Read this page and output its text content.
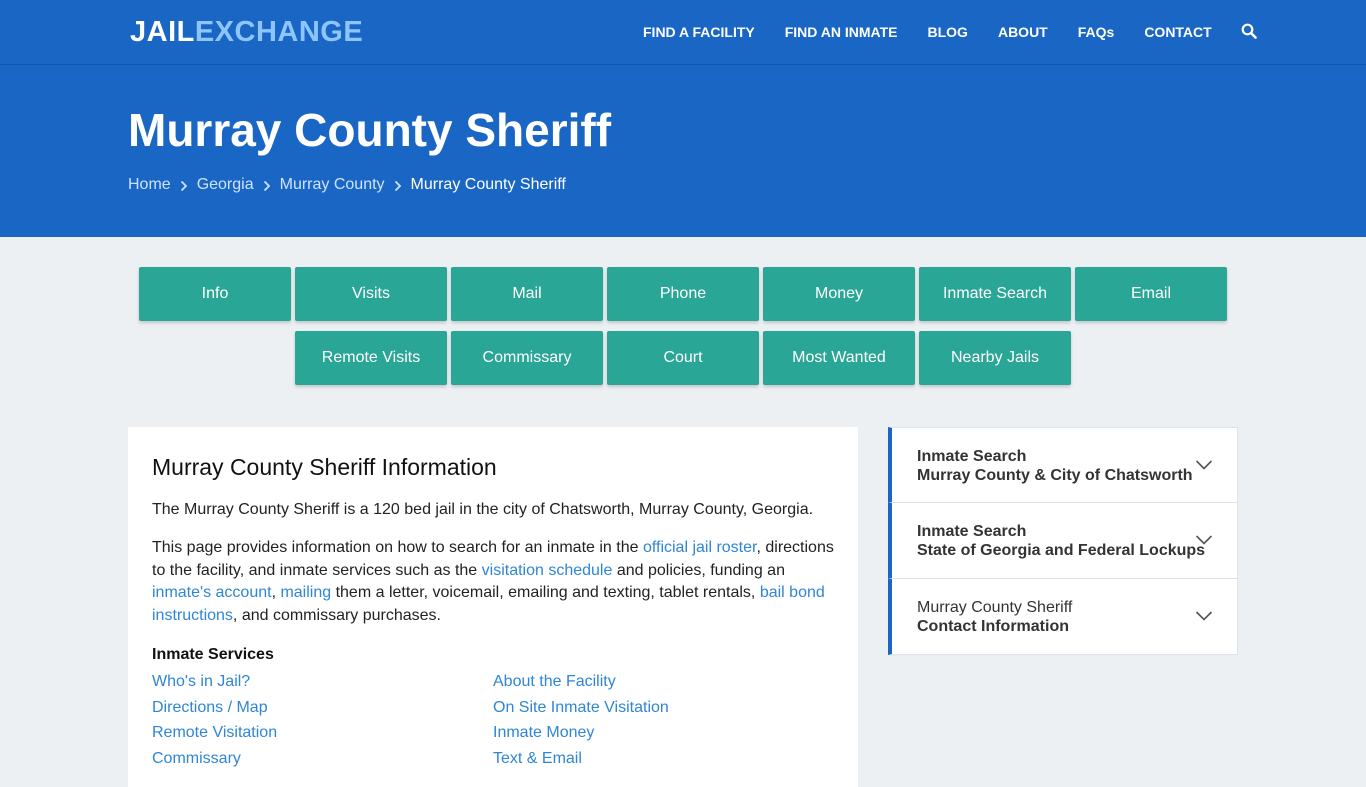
JAILEXCHANGE	FIND A FACILITY FIND AN INMATE BLOG ABOUT FAQs CONTACT
Murray County Sheriff
Home Georgia Murray County Murray County Sheriff
Info	Visits	Mail	Phone	Money	Inmate Search	Email
Remote Visits	Commissary	Court	Most Wanted	Nearby Jails
Murray County Sheriff Information

The Murray County Sheriff is a 120 bed jail in the city of Chatsworth, Murray County, Georgia.

This page provides information on how to search for an inmate in the official jail roster, directions to the facility, and inmate services such as the visitation schedule and policies, funding an inmate's account, mailing them a letter, voicemail, emailing and texting, tablet rentals, bail bond instructions, and commissary purchases.

Inmate Services
Who's in Jail?
Directions / Map
Remote Visitation
Commissary
About the Facility
On Site Inmate Visitation
Inmate Money
Text & Email
Inmate Search
Murray County & City of Chatsworth
Inmate Search
State of Georgia and Federal Lockups
Murray County Sheriff
Contact Information
